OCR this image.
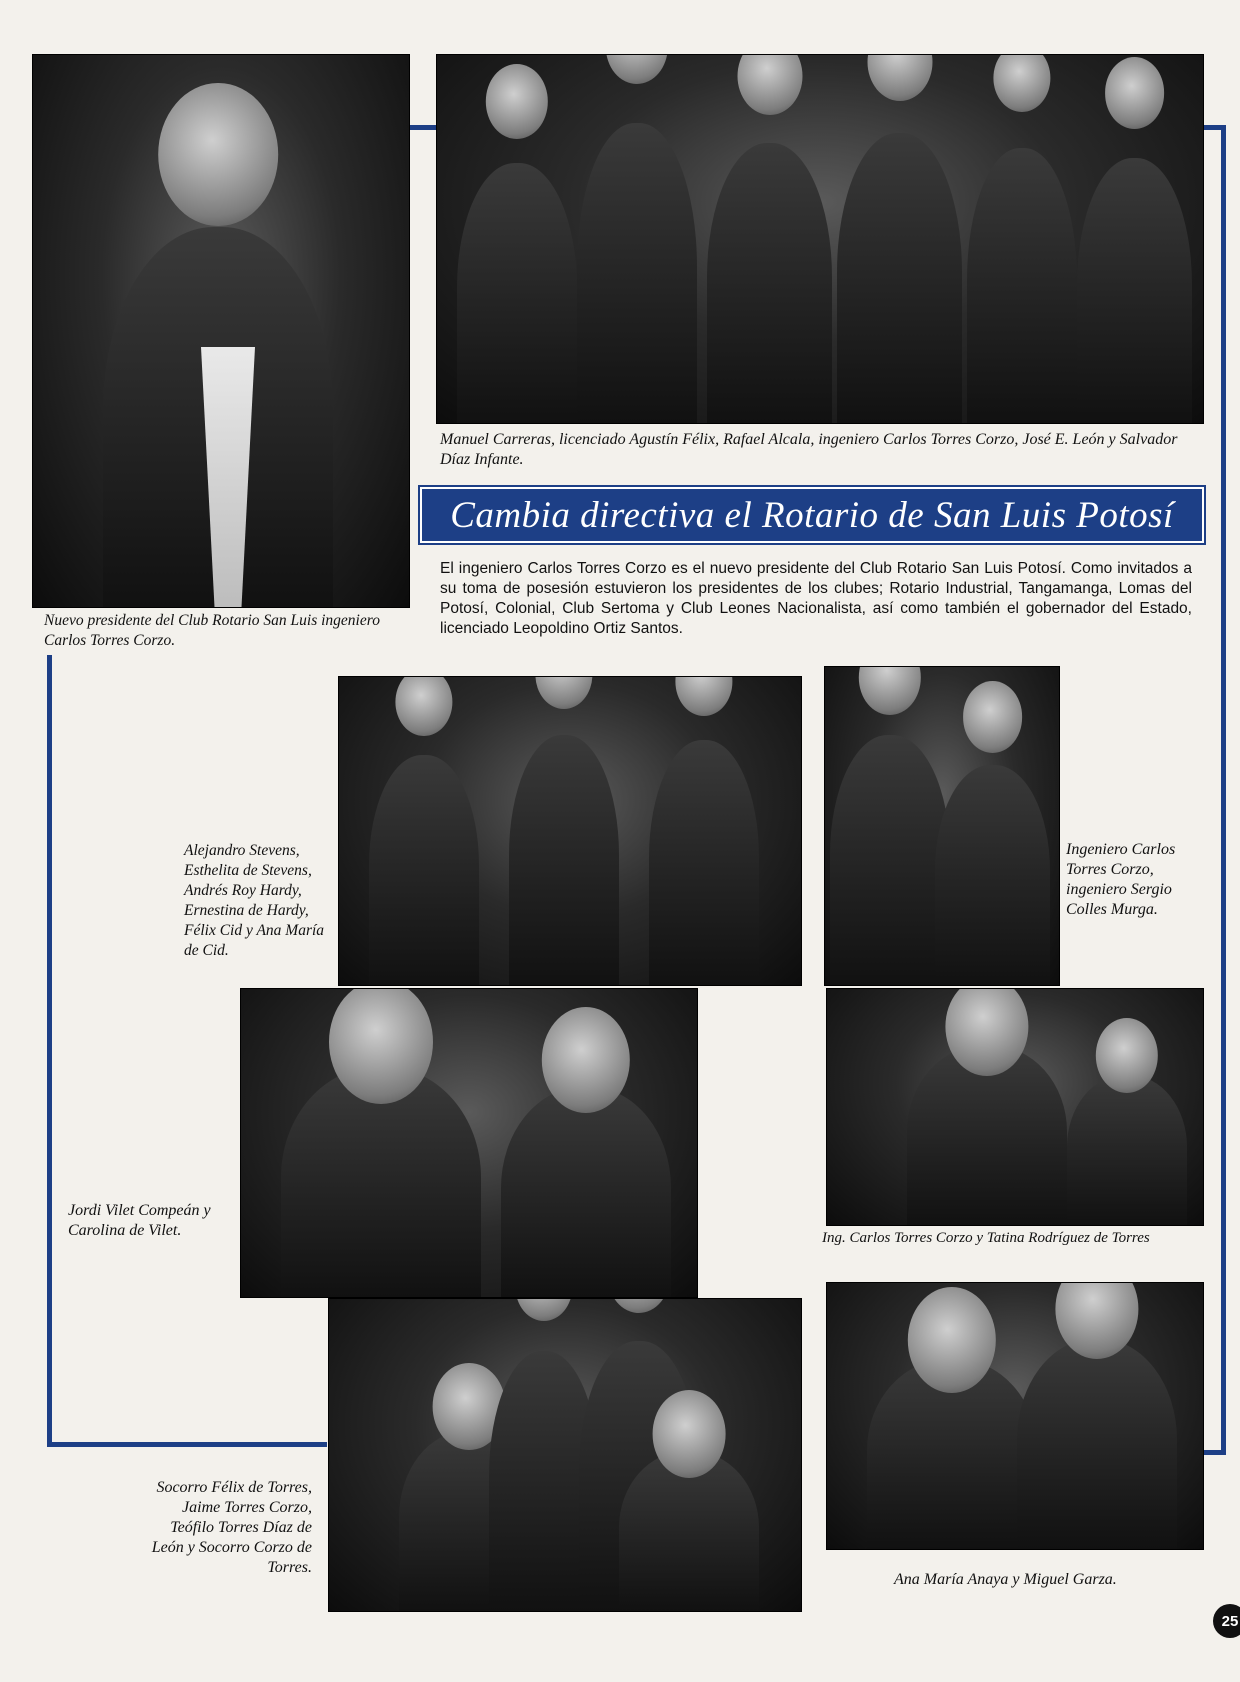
Nuevo presidente del Club Rotario San Luis ingeniero Carlos Torres Corzo.
Manuel Carreras, licenciado Agustín Félix, Rafael Alcala, ingeniero Carlos Torres Corzo, José E. León y Salvador Díaz Infante.
Cambia directiva el Rotario de San Luis Potosí
El ingeniero Carlos Torres Corzo es el nuevo presidente del Club Rotario San Luis Potosí. Como invitados a su toma de posesión estuvieron los presidentes de los clubes; Rotario Industrial, Tangamanga, Lomas del Potosí, Colonial, Club Sertoma y Club Leones Nacionalista, así como también el gobernador del Estado, licenciado Leopoldino Ortiz Santos.
Alejandro Stevens, Esthelita de Stevens, Andrés Roy Hardy, Ernestina de Hardy, Félix Cid y Ana María de Cid.
Ingeniero Carlos Torres Corzo, ingeniero Sergio Colles Murga.
Jordi Vilet Compeán y Carolina de Vilet.	Ing. Carlos Torres Corzo y Tatina Rodríguez de Torres
Socorro Félix de Torres, Jaime Torres Corzo, Teófilo Torres Díaz de León y Socorro Corzo de Torres.
Ana María Anaya y Miguel Garza.
25
